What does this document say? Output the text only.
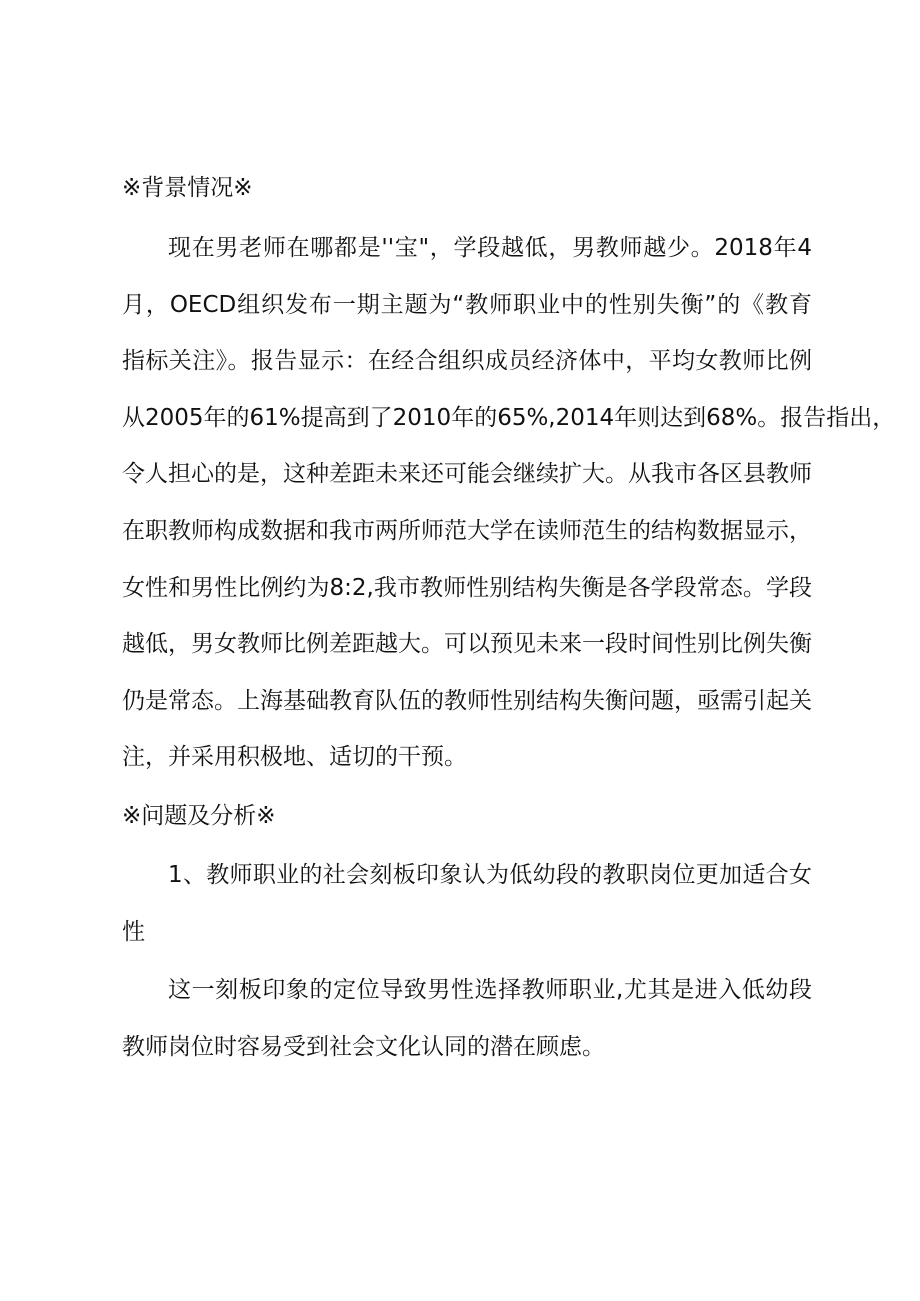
※背景情况※
现在男老师在哪都是''宝"，学段越低，男教师越少。2018年4
月，OECD组织发布一期主题为“教师职业中的性别失衡”的《教育
指标关注》。报告显示：在经合组织成员经济体中，平均女教师比例
从2005年的61%提高到了2010年的65%,2014年则达到68%。报告指出，
令人担心的是，这种差距未来还可能会继续扩大。从我市各区县教师
在职教师构成数据和我市两所师范大学在读师范生的结构数据显示，
女性和男性比例约为8:2,我市教师性别结构失衡是各学段常态。学段
越低，男女教师比例差距越大。可以预见未来一段时间性别比例失衡
仍是常态。上海基础教育队伍的教师性别结构失衡问题，亟需引起关
注，并采用积极地、适切的干预。
※问题及分析※
1、教师职业的社会刻板印象认为低幼段的教职岗位更加适合女
性
这一刻板印象的定位导致男性选择教师职业,尤其是进入低幼段
教师岗位时容易受到社会文化认同的潜在顾虑。
